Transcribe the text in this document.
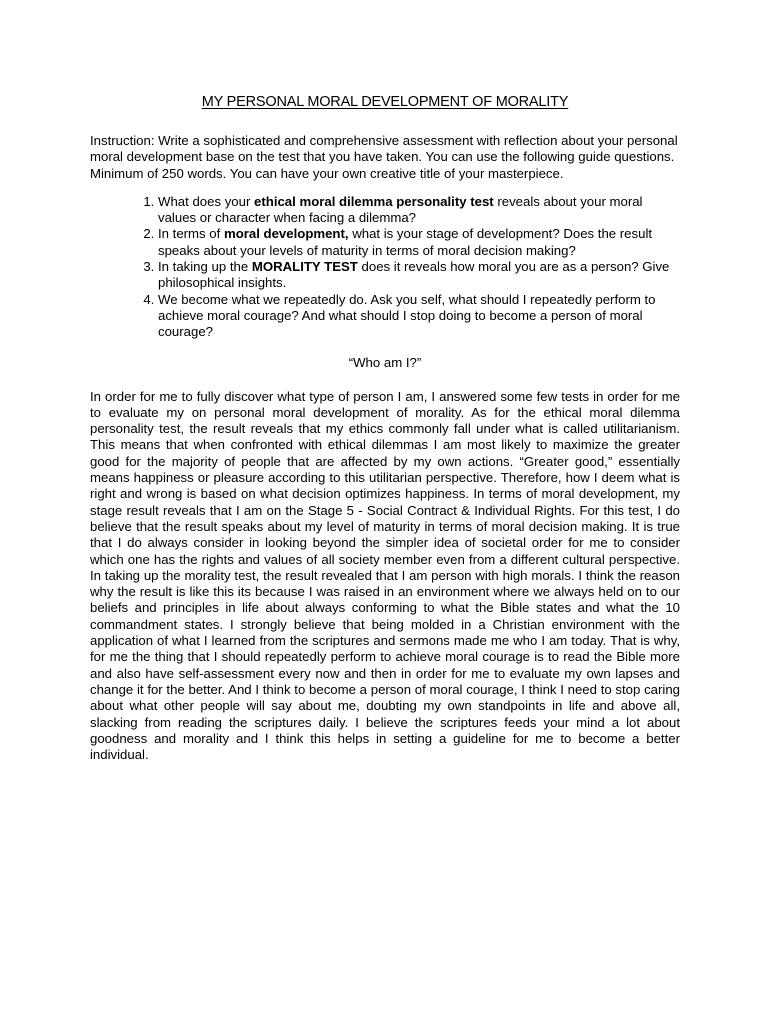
MY PERSONAL MORAL DEVELOPMENT OF MORALITY

Instruction: Write a sophisticated and comprehensive assessment with reflection about your personal moral development base on the test that you have taken. You can use the following guide questions. Minimum of 250 words. You can have your own creative title of your masterpiece.

1. What does your ethical moral dilemma personality test reveals about your moral values or character when facing a dilemma?
2. In terms of moral development, what is your stage of development? Does the result speaks about your levels of maturity in terms of moral decision making?
3. In taking up the MORALITY TEST does it reveals how moral you are as a person? Give philosophical insights.
4. We become what we repeatedly do. Ask you self, what should I repeatedly perform to achieve moral courage? And what should I stop doing to become a person of moral courage?

“Who am I?”

In order for me to fully discover what type of person I am, I answered some few tests in order for me to evaluate my on personal moral development of morality. As for the ethical moral dilemma personality test, the result reveals that my ethics commonly fall under what is called utilitarianism. This means that when confronted with ethical dilemmas I am most likely to maximize the greater good for the majority of people that are affected by my own actions. “Greater good,” essentially means happiness or pleasure according to this utilitarian perspective. Therefore, how I deem what is right and wrong is based on what decision optimizes happiness. In terms of moral development, my stage result reveals that I am on the Stage 5 - Social Contract & Individual Rights. For this test, I do believe that the result speaks about my level of maturity in terms of moral decision making. It is true that I do always consider in looking beyond the simpler idea of societal order for me to consider which one has the rights and values of all society member even from a different cultural perspective. In taking up the morality test, the result revealed that I am person with high morals. I think the reason why the result is like this its because I was raised in an environment where we always held on to our beliefs and principles in life about always conforming to what the Bible states and what the 10 commandment states. I strongly believe that being molded in a Christian environment with the application of what I learned from the scriptures and sermons made me who I am today. That is why, for me the thing that I should repeatedly perform to achieve moral courage is to read the Bible more and also have self-assessment every now and then in order for me to evaluate my own lapses and change it for the better. And I think to become a person of moral courage, I think I need to stop caring about what other people will say about me, doubting my own standpoints in life and above all, slacking from reading the scriptures daily. I believe the scriptures feeds your mind a lot about goodness and morality and I think this helps in setting a guideline for me to become a better individual.
